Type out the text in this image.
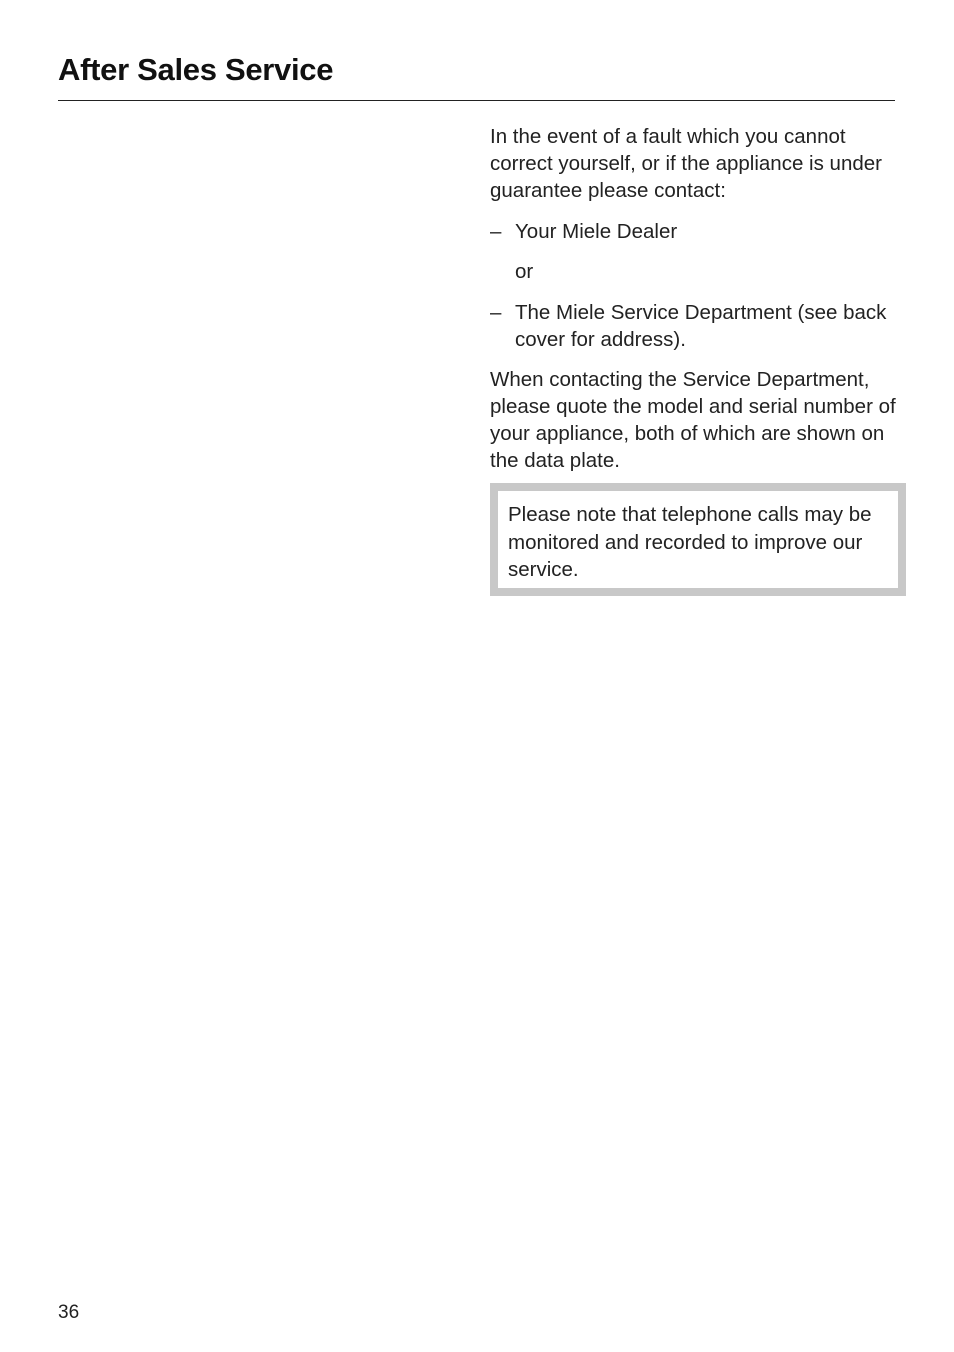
After Sales Service

In the event of a fault which you cannot correct yourself, or if the appliance is under guarantee please contact:

– Your Miele Dealer
or
– The Miele Service Department (see back cover for address).

When contacting the Service Department, please quote the model and serial number of your appliance, both of which are shown on the data plate.

Please note that telephone calls may be monitored and recorded to improve our service.
36
